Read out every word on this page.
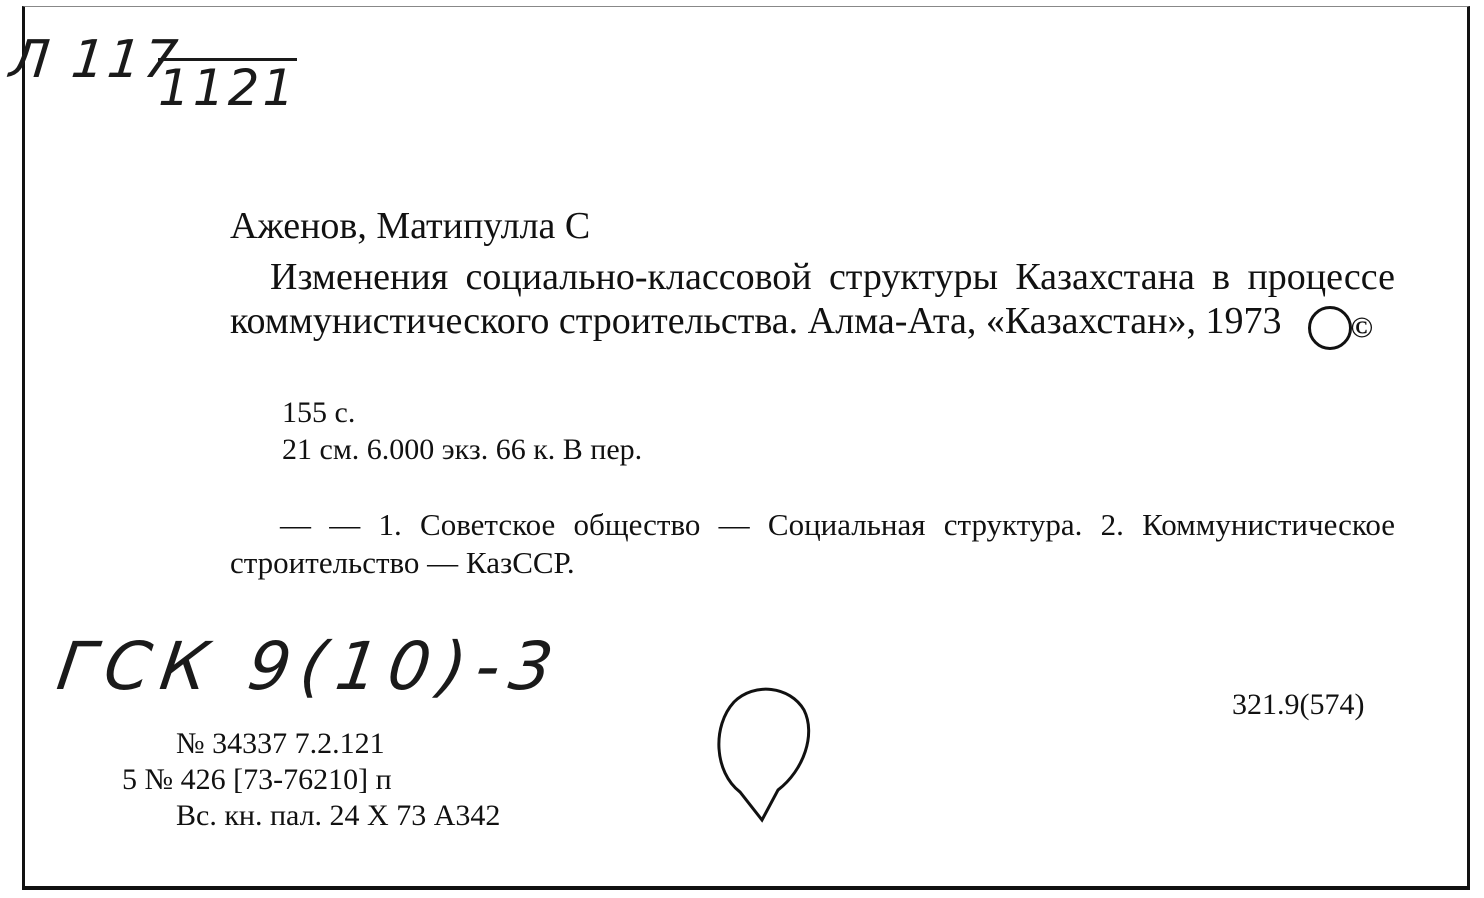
Л 117
1121
Аженов, Матипулла С
Изменения социально-классовой структуры Казахстана в процессе коммунистического строительства. Алма-Ата, «Казахстан», 1973 ©
155 с.
21 см. 6.000 экз. 66 к. В пер.
— — 1. Советское общество — Социальная структура. 2. Коммунистическое строительство — КазССР.
ГСК 9(10)-3	321.9(574)
№ 34337 7.2.121
5 № 426 [73-76210] п
Вс. кн. пал. 24 X 73 А342
